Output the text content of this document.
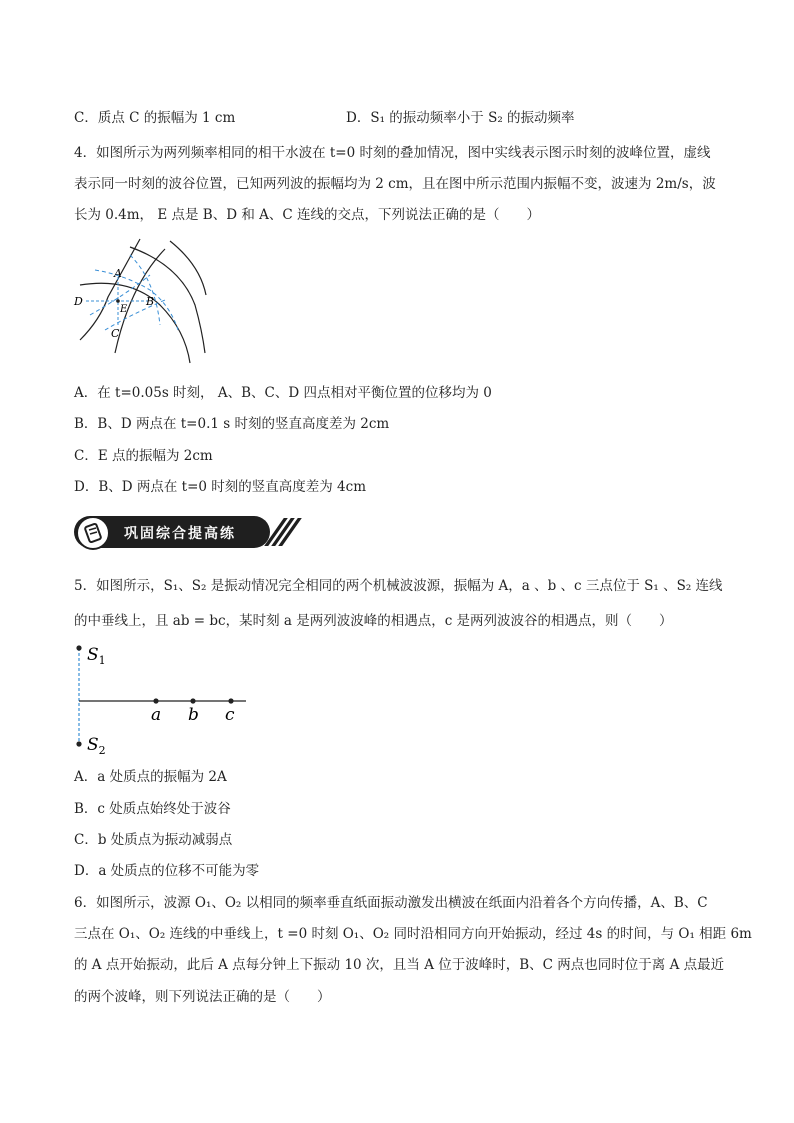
C．质点 C 的振幅为 1 cm	D．S₁ 的振动频率小于 S₂ 的振动频率
4．如图所示为两列频率相同的相干水波在 t=0 时刻的叠加情况，图中实线表示图示时刻的波峰位置，虚线
表示同一时刻的波谷位置，已知两列波的振幅均为 2 cm，且在图中所示范围内振幅不变，波速为 2m/s，波
长为 0.4m， E 点是 B、D 和 A、C 连线的交点，下列说法正确的是（　　）
A
B
C
D
E
A．在 t=0.05s 时刻， A、B、C、D 四点相对平衡位置的位移均为 0
B．B、D 两点在 t=0.1 s 时刻的竖直高度差为 2cm
C．E 点的振幅为 2cm
D．B、D 两点在 t=0 时刻的竖直高度差为 4cm
巩固综合提高练
5．如图所示，S₁、S₂ 是振动情况完全相同的两个机械波波源，振幅为 A，a 、b 、c 三点位于 S₁ 、S₂ 连线
的中垂线上，且 ab = bc，某时刻 a 是两列波波峰的相遇点，c 是两列波波谷的相遇点，则（　　）
$S_1$
$S_2$
a b c
A．a 处质点的振幅为 2A
B．c 处质点始终处于波谷
C．b 处质点为振动减弱点
D．a 处质点的位移不可能为零
6．如图所示，波源 O₁、O₂ 以相同的频率垂直纸面振动激发出横波在纸面内沿着各个方向传播，A、B、C
三点在 O₁、O₂ 连线的中垂线上，t =0 时刻 O₁、O₂ 同时沿相同方向开始振动，经过 4s 的时间，与 O₁ 相距 6m
的 A 点开始振动，此后 A 点每分钟上下振动 10 次，且当 A 位于波峰时，B、C 两点也同时位于离 A 点最近
的两个波峰，则下列说法正确的是（　　）
